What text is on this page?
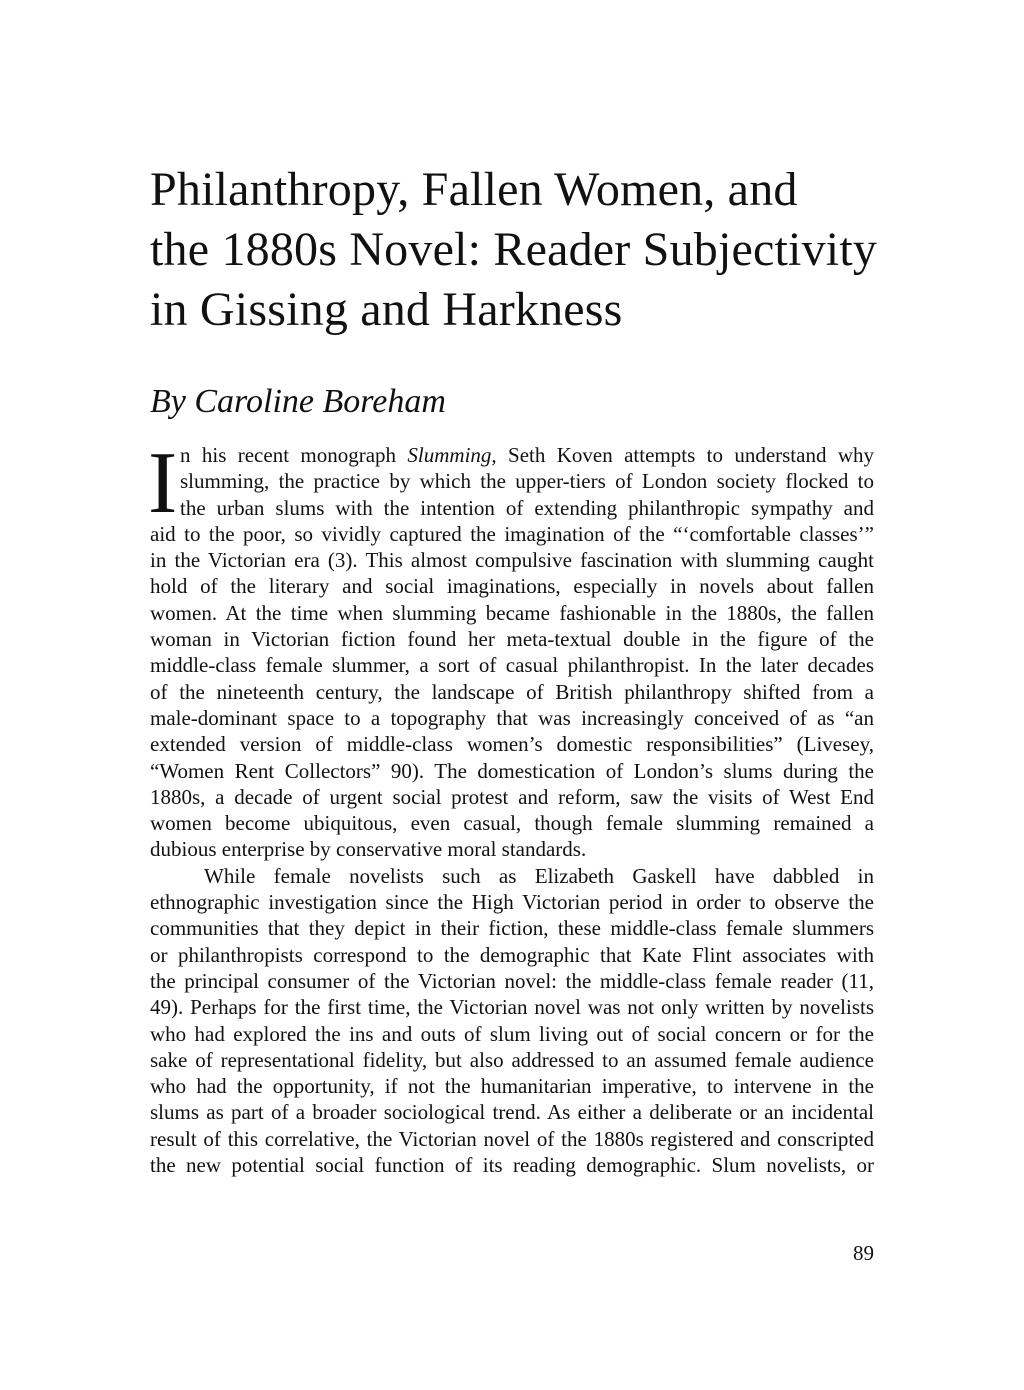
Philanthropy, Fallen Women, and
the 1880s Novel: Reader Subjectivity
in Gissing and Harkness
By Caroline Boreham
I n his recent monograph Slumming, Seth Koven attempts to understand why
slumming, the practice by which the upper-tiers of London society flocked to
the urban slums with the intention of extending philanthropic sympathy and
aid to the poor, so vividly captured the imagination of the “‘comfortable classes’”
in the Victorian era (3). This almost compulsive fascination with slumming caught
hold of the literary and social imaginations, especially in novels about fallen
women. At the time when slumming became fashionable in the 1880s, the fallen
woman in Victorian fiction found her meta-textual double in the figure of the
middle-class female slummer, a sort of casual philanthropist. In the later decades
of the nineteenth century, the landscape of British philanthropy shifted from a
male-dominant space to a topography that was increasingly conceived of as “an
extended version of middle-class women’s domestic responsibilities” (Livesey,
“Women Rent Collectors” 90). The domestication of London’s slums during the
1880s, a decade of urgent social protest and reform, saw the visits of West End
women become ubiquitous, even casual, though female slumming remained a
dubious enterprise by conservative moral standards.
While female novelists such as Elizabeth Gaskell have dabbled in
ethnographic investigation since the High Victorian period in order to observe the
communities that they depict in their fiction, these middle-class female slummers
or philanthropists correspond to the demographic that Kate Flint associates with
the principal consumer of the Victorian novel: the middle-class female reader (11,
49). Perhaps for the first time, the Victorian novel was not only written by novelists
who had explored the ins and outs of slum living out of social concern or for the
sake of representational fidelity, but also addressed to an assumed female audience
who had the opportunity, if not the humanitarian imperative, to intervene in the
slums as part of a broader sociological trend. As either a deliberate or an incidental
result of this correlative, the Victorian novel of the 1880s registered and conscripted
the new potential social function of its reading demographic. Slum novelists, or
89
